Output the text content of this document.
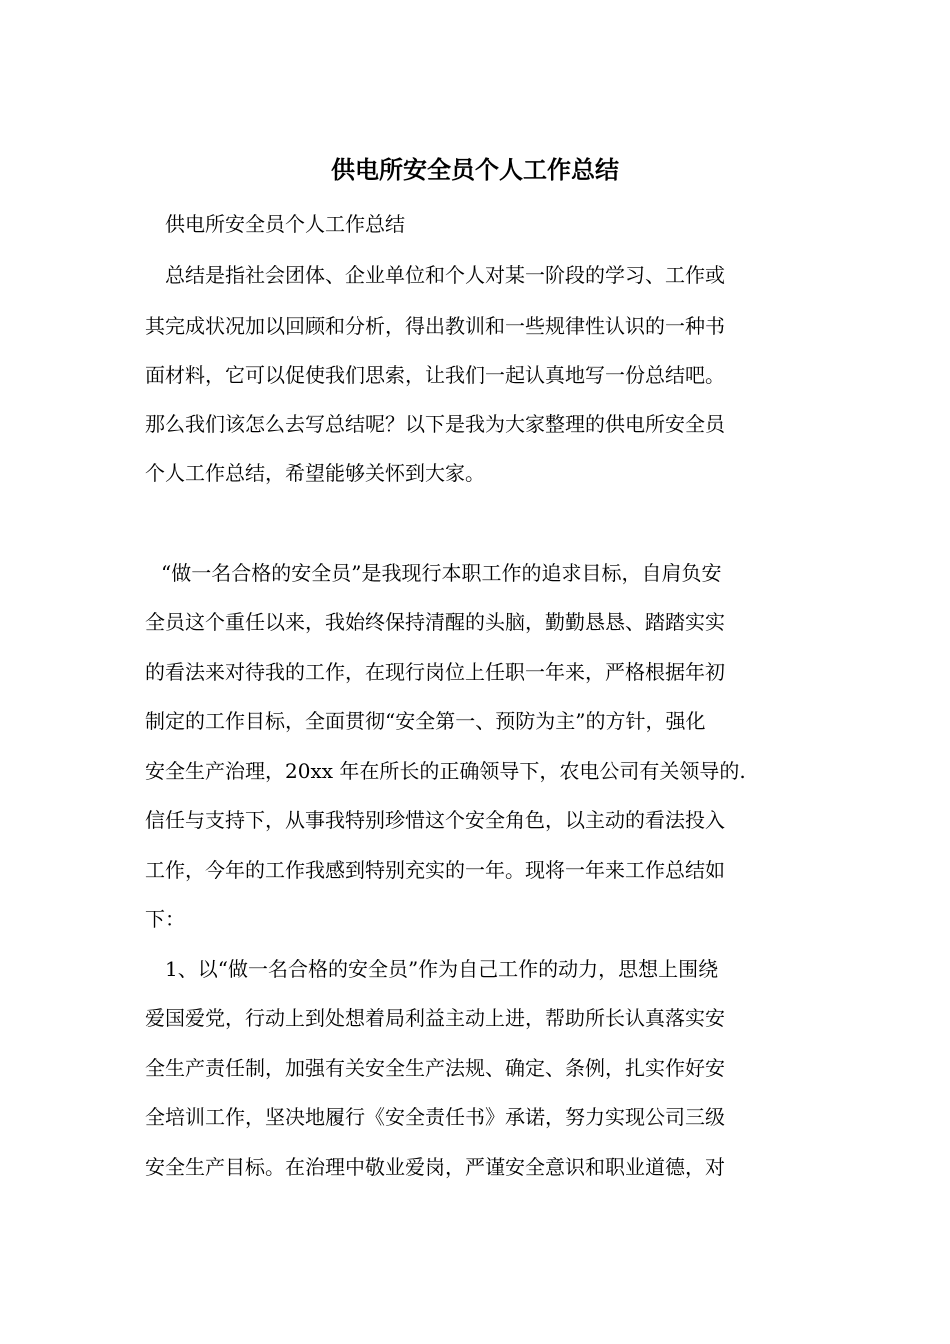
供电所安全员个人工作总结

供电所安全员个人工作总结

总结是指社会团体、企业单位和个人对某一阶段的学习、工作或

其完成状况加以回顾和分析，得出教训和一些规律性认识的一种书

面材料，它可以促使我们思索，让我们一起认真地写一份总结吧。

那么我们该怎么去写总结呢？以下是我为大家整理的供电所安全员

个人工作总结，希望能够关怀到大家。

“做一名合格的安全员”是我现行本职工作的追求目标，自肩负安

全员这个重任以来，我始终保持清醒的头脑，勤勤恳恳、踏踏实实

的看法来对待我的工作，在现行岗位上任职一年来，严格根据年初

制定的工作目标，全面贯彻“安全第一、预防为主”的方针，强化

安全生产治理，20xx 年在所长的正确领导下，农电公司有关领导的.

信任与支持下，从事我特别珍惜这个安全角色，以主动的看法投入

工作，今年的工作我感到特别充实的一年。现将一年来工作总结如

下：

1、以“做一名合格的安全员”作为自己工作的动力，思想上围绕

爱国爱党，行动上到处想着局利益主动上进，帮助所长认真落实安

全生产责任制，加强有关安全生产法规、确定、条例，扎实作好安

全培训工作，坚决地履行《安全责任书》承诺，努力实现公司三级

安全生产目标。在治理中敬业爱岗，严谨安全意识和职业道德，对
